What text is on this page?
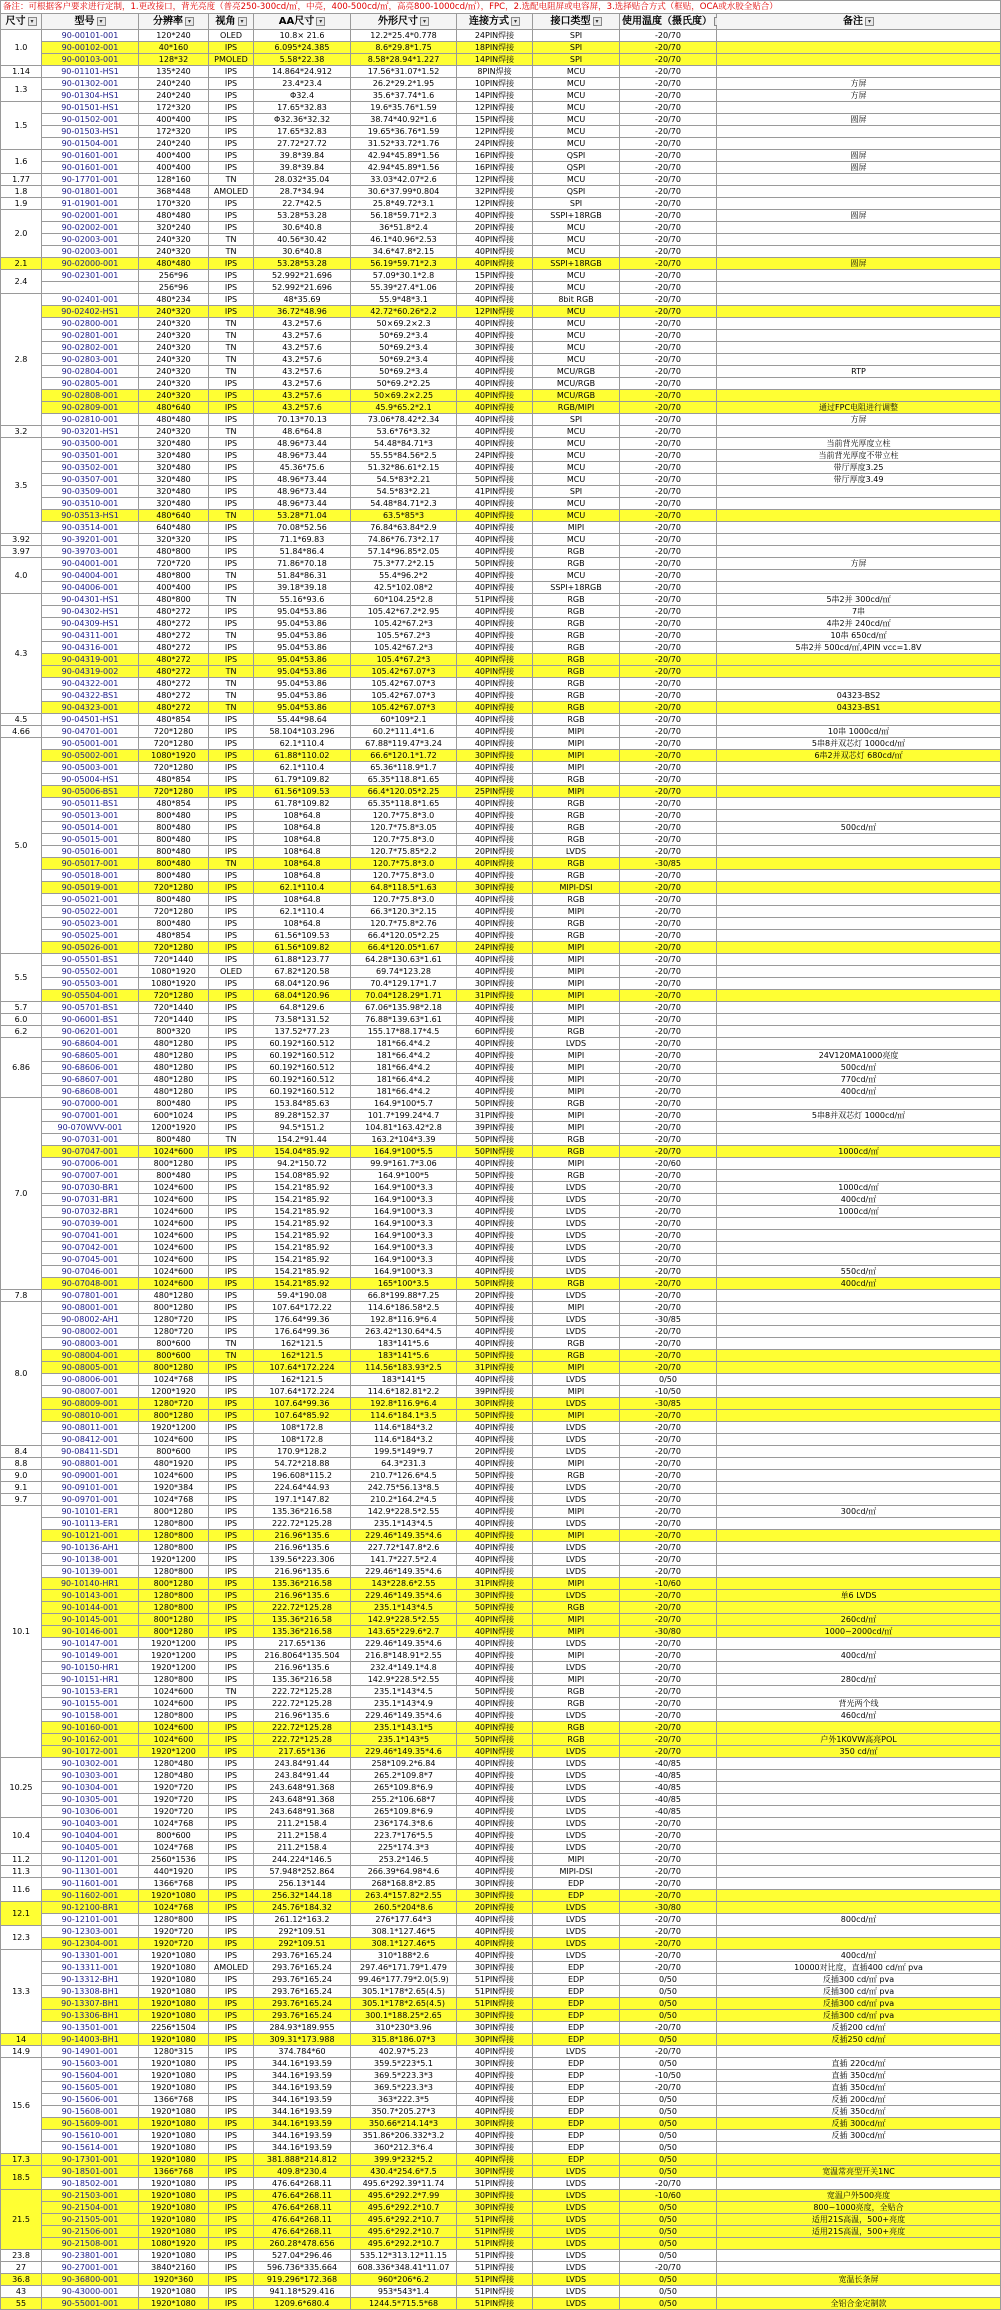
备注：可根据客户要求进行定制，1.更改接口，背光亮度（普亮250-300cd/㎡，中亮，400-500cd/㎡，高亮800-1000cd/㎡），FPC，2.选配电阻屏或电容屏，3.选择贴合方式（框贴，OCA或水胶全贴合）									
尺寸 ▾	型号 ▾	分辨率 ▾	视角 ▾	AA尺寸 ▾	外形尺寸 ▾	连接方式 ▾	接口类型 ▾	使用温度（摄氏度）	备注 ▾
1.0	90-00101-001	120*240	OLED	10.8× 21.6	12.2*25.4*0.778	24PIN焊接	SPI	-20/70	
	90-00102-001	40*160	IPS	6.095*24.385	8.6*29.8*1.75	18PIN焊接	SPI	-20/70	
	90-00103-001	128*32	PMOLED	5.58*22.38	8.58*28.94*1.227	14PIN焊接	SPI	-20/70	
1.14	90-01101-HS1	135*240	IPS	14.864*24.912	17.56*31.07*1.52	8PIN焊接	MCU	-20/70	
1.3	90-01302-001	240*240	IPS	23.4*23.4	26.2*29.2*1.95	10PIN焊接	MCU	-20/70	方屏
	90-01304-HS1	240*240	IPS	Φ32.4	35.6*37.74*1.6	14PIN焊接	MCU	-20/70	方屏
1.5	90-01501-HS1	172*320	IPS	17.65*32.83	19.6*35.76*1.59	12PIN焊接	MCU	-20/70	
	90-01502-001	400*400	IPS	Φ32.36*32.32	38.74*40.92*1.6	15PIN焊接	MCU	-20/70	圆屏
	90-01503-HS1	172*320	IPS	17.65*32.83	19.65*36.76*1.59	12PIN焊接	MCU	-20/70	
	90-01504-001	240*240	IPS	27.72*27.72	31.52*33.72*1.76	24PIN焊接	MCU	-20/70	
1.6	90-01601-001	400*400	IPS	39.8*39.84	42.94*45.89*1.56	16PIN焊接	QSPI	-20/70	圆屏
	90-01601-001	400*400	IPS	39.8*39.84	42.94*45.89*1.56	16PIN焊接	QSPI	-20/70	圆屏
1.77	90-17701-001	128*160	TN	28.032*35.04	33.03*42.07*2.6	12PIN焊接	MCU	-20/70	
1.8	90-01801-001	368*448	AMOLED	28.7*34.94	30.6*37.99*0.804	32PIN焊接	QSPI	-20/70	
1.9	91-01901-001	170*320	IPS	22.7*42.5	25.8*49.72*3.1	12PIN焊接	SPI	-20/70	
2.0	90-02001-001	480*480	IPS	53.28*53.28	56.18*59.71*2.3	40PIN焊接	SSPI+18RGB	-20/70	圆屏
	90-02002-001	320*240	IPS	30.6*40.8	36*51.8*2.4	20PIN焊接	MCU	-20/70	
	90-02003-001	240*320	TN	40.56*30.42	46.1*40.96*2.53	40PIN焊接	MCU	-20/70	
	90-02003-001	240*320	TN	30.6*40.8	34.6*47.8*2.15	40PIN焊接	MCU	-20/70	
2.1	90-02000-001	480*480	IPS	53.28*53.28	56.19*59.71*2.3	40PIN焊接	SSPI+18RGB	-20/70	圆屏
2.4	90-02301-001	256*96	IPS	52.992*21.696	57.09*30.1*2.8	15PIN焊接	MCU	-20/70	
		256*96	IPS	52.992*21.696	55.39*27.4*1.06	20PIN焊接	MCU	-20/70	
2.8	90-02401-001	480*234	IPS	48*35.69	55.9*48*3.1	40PIN焊接	8bit RGB	-20/70	
	90-02402-HS1	240*320	IPS	36.72*48.96	42.72*60.26*2.2	12PIN焊接	MCU	-20/70	
	90-02800-001	240*320	TN	43.2*57.6	50×69.2×2.3	40PIN焊接	MCU	-20/70	
	90-02801-001	240*320	TN	43.2*57.6	50*69.2*3.4	40PIN焊接	MCU	-20/70	
	90-02802-001	240*320	TN	43.2*57.6	50*69.2*3.4	30PIN焊接	MCU	-20/70	
	90-02803-001	240*320	TN	43.2*57.6	50*69.2*3.4	40PIN焊接	MCU	-20/70	
	90-02804-001	240*320	TN	43.2*57.6	50*69.2*3.4	40PIN焊接	MCU/RGB	-20/70	RTP
	90-02805-001	240*320	IPS	43.2*57.6	50*69.2*2.25	40PIN焊接	MCU/RGB	-20/70	
	90-02808-001	240*320	IPS	43.2*57.6	50×69.2×2.25	40PIN焊接	MCU/RGB	-20/70	
	90-02809-001	480*640	IPS	43.2*57.6	45.9*65.2*2.1	40PIN焊接	RGB/MIPI	-20/70	通过FPC电阻进行调整
	90-02810-001	480*480	IPS	70.13*70.13	73.06*78.42*2.34	40PIN焊接	SPI	-20/70	方屏
3.2	90-03201-HS1	240*320	TN	48.6*64.8	53.6*76*3.32	40PIN焊接	MCU	-20/70	
3.5	90-03500-001	320*480	IPS	48.96*73.44	54.48*84.71*3	40PIN焊接	MCU	-20/70	当前背光厚度立柱
	90-03501-001	320*480	IPS	48.96*73.44	55.55*84.56*2.5	24PIN焊接	MCU	-20/70	当前背光厚度不带立柱
	90-03502-001	320*480	IPS	45.36*75.6	51.32*86.61*2.15	40PIN焊接	MCU	-20/70	带厅厚度3.25
	90-03507-001	320*480	IPS	48.96*73.44	54.5*83*2.21	50PIN焊接	MCU	-20/70	带厅厚度3.49
	90-03509-001	320*480	IPS	48.96*73.44	54.5*83*2.21	41PIN焊接	SPI	-20/70	
	90-03510-001	320*480	IPS	48.96*73.44	54.48*84.71*2.3	40PIN焊接	MCU	-20/70	
	90-03513-HS1	480*640	TN	53.28*71.04	63.5*85*3	40PIN焊接	MCU	-20/70	
	90-03514-001	640*480	IPS	70.08*52.56	76.84*63.84*2.9	40PIN焊接	MIPI	-20/70	
3.92	90-39201-001	320*320	IPS	71.1*69.83	74.86*76.73*2.17	40PIN焊接	MCU	-20/70	
3.97	90-39703-001	480*800	IPS	51.84*86.4	57.14*96.85*2.05	40PIN焊接	RGB	-20/70	
4.0	90-04001-001	720*720	IPS	71.86*70.18	75.3*77.2*2.15	50PIN焊接	RGB	-20/70	方屏
	90-04004-001	480*800	TN	51.84*86.31	55.4*96.2*2	40PIN焊接	MCU	-20/70	
	90-04006-001	400*400	IPS	39.18*39.18	42.5*102.08*2	40PIN焊接	SSPI+18RGB	-20/70	
4.3	90-04301-HS1	480*800	TN	55.16*93.6	60*104.25*2.8	51PIN焊接	RGB	-20/70	5串2并 300cd/㎡
	90-04302-HS1	480*272	IPS	95.04*53.86	105.42*67.2*2.95	40PIN焊接	RGB	-20/70	7串
	90-04309-HS1	480*272	IPS	95.04*53.86	105.42*67.2*3	40PIN焊接	RGB	-20/70	4串2并 240cd/㎡
	90-04311-001	480*272	TN	95.04*53.86	105.5*67.2*3	40PIN焊接	RGB	-20/70	10串 650cd/㎡
	90-04316-001	480*272	IPS	95.04*53.86	105.42*67.2*3	40PIN焊接	RGB	-20/70	5串2并 500cd/㎡,4PIN vcc=1.8V
	90-04319-001	480*272	IPS	95.04*53.86	105.4*67.2*3	40PIN焊接	RGB	-20/70	
	90-04319-002	480*272	TN	95.04*53.86	105.42*67.07*3	40PIN焊接	RGB	-20/70	
	90-04322-001	480*272	TN	95.04*53.86	105.42*67.07*3	40PIN焊接	RGB	-20/70	
	90-04322-BS1	480*272	TN	95.04*53.86	105.42*67.07*3	40PIN焊接	RGB	-20/70	04323-BS2
	90-04323-001	480*272	TN	95.04*53.86	105.42*67.07*3	40PIN焊接	RGB	-20/70	04323-BS1
4.5	90-04501-HS1	480*854	IPS	55.44*98.64	60*109*2.1	40PIN焊接	RGB	-20/70	
4.66	90-04701-001	720*1280	IPS	58.104*103.296	60.2*111.4*1.6	40PIN焊接	MIPI	-20/70	10串 1000cd/㎡
5.0	90-05001-001	720*1280	IPS	62.1*110.4	67.88*119.47*3.24	40PIN焊接	MIPI	-20/70	5串8并双芯灯 1000cd/㎡
	90-05002-001	1080*1920	IPS	61.88*110.02	66.6*120.1*1.72	30PIN焊接	MIPI	-20/70	6串2并双芯灯 680cd/㎡
	90-05003-001	720*1280	IPS	62.1*110.4	65.36*118.9*1.7	40PIN焊接	MIPI	-20/70	
	90-05004-HS1	480*854	IPS	61.79*109.82	65.35*118.8*1.65	40PIN焊接	RGB	-20/70	
	90-05006-BS1	720*1280	IPS	61.56*109.53	66.4*120.05*2.25	25PIN焊接	MIPI	-20/70	
	90-05011-BS1	480*854	IPS	61.78*109.82	65.35*118.8*1.65	40PIN焊接	RGB	-20/70	
	90-05013-001	800*480	IPS	108*64.8	120.7*75.8*3.0	40PIN焊接	RGB	-20/70	
	90-05014-001	800*480	IPS	108*64.8	120.7*75.8*3.05	40PIN焊接	RGB	-20/70	500cd/㎡
	90-05015-001	800*480	IPS	108*64.8	120.7*75.8*3.0	40PIN焊接	RGB	-20/70	
	90-05016-001	800*480	IPS	108*64.8	120.7*75.85*2.2	20PIN焊接	LVDS	-20/70	
	90-05017-001	800*480	TN	108*64.8	120.7*75.8*3.0	40PIN焊接	RGB	-30/85	
	90-05018-001	800*480	IPS	108*64.8	120.7*75.8*3.0	40PIN焊接	RGB	-20/70	
	90-05019-001	720*1280	IPS	62.1*110.4	64.8*118.5*1.63	30PIN焊接	MIPI-DSI	-20/70	
	90-05021-001	800*480	IPS	108*64.8	120.7*75.8*3.0	40PIN焊接	RGB	-20/70	
	90-05022-001	720*1280	IPS	62.1*110.4	66.3*120.3*2.15	40PIN焊接	MIPI	-20/70	
	90-05023-001	800*480	IPS	108*64.8	120.7*75.8*2.76	40PIN焊接	RGB	-20/70	
	90-05025-001	480*854	IPS	61.56*109.53	66.4*120.05*2.25	40PIN焊接	RGB	-20/70	
	90-05026-001	720*1280	IPS	61.56*109.82	66.4*120.05*1.67	24PIN焊接	MIPI	-20/70	
5.5	90-05501-BS1	720*1440	IPS	61.88*123.77	64.28*130.63*1.61	40PIN焊接	MIPI	-20/70	
	90-05502-001	1080*1920	OLED	67.82*120.58	69.74*123.28	40PIN焊接	MIPI	-20/70	
	90-05503-001	1080*1920	IPS	68.04*120.96	70.4*129.17*1.7	30PIN焊接	MIPI	-20/70	
	90-05504-001	720*1280	IPS	68.04*120.96	70.04*128.29*1.71	31PIN焊接	MIPI	-20/70	
5.7	90-05701-BS1	720*1440	IPS	64.8*129.6	67.06*135.98*2.18	40PIN焊接	MIPI	-20/70	
6.0	90-06001-BS1	720*1440	IPS	73.58*131.52	76.88*139.63*1.61	40PIN焊接	MIPI	-20/70	
6.2	90-06201-001	800*320	IPS	137.52*77.23	155.17*88.17*4.5	60PIN焊接	RGB	-20/70	
6.86	90-68604-001	480*1280	IPS	60.192*160.512	181*66.4*4.2	40PIN焊接	LVDS	-20/70	
	90-68605-001	480*1280	IPS	60.192*160.512	181*66.4*4.2	40PIN焊接	MIPI	-20/70	24V120MA1000亮度
	90-68606-001	480*1280	IPS	60.192*160.512	181*66.4*4.2	40PIN焊接	MIPI	-20/70	500cd/㎡
	90-68607-001	480*1280	IPS	60.192*160.512	181*66.4*4.2	40PIN焊接	MIPI	-20/70	770cd/㎡
	90-68608-001	480*1280	IPS	60.192*160.512	181*66.4*4.2	40PIN焊接	MIPI	-20/70	400cd/㎡
7.0	90-07000-001	800*480	IPS	153.84*85.63	164.9*100*5.7	50PIN焊接	RGB	-20/70	
	90-07001-001	600*1024	IPS	89.28*152.37	101.7*199.24*4.7	31PIN焊接	MIPI	-20/70	5串8并双芯灯 1000cd/㎡
	90-070WVV-001	1200*1920	IPS	94.5*151.2	104.81*163.42*2.8	39PIN焊接	MIPI	-20/70	
	90-07031-001	800*480	TN	154.2*91.44	163.2*104*3.39	50PIN焊接	RGB	-20/70	
	90-07047-001	1024*600	IPS	154.04*85.92	164.9*100*5.5	50PIN焊接	RGB	-20/70	1000cd/㎡
	90-07006-001	800*1280	IPS	94.2*150.72	99.9*161.7*3.06	40PIN焊接	MIPI	-20/60	
	90-07007-001	800*480	IPS	154.08*85.92	164.9*100*5	50PIN焊接	RGB	-20/70	
	90-07030-BR1	1024*600	IPS	154.21*85.92	164.9*100*3.3	40PIN焊接	LVDS	-20/70	1000cd/㎡
	90-07031-BR1	1024*600	IPS	154.21*85.92	164.9*100*3.3	40PIN焊接	LVDS	-20/70	400cd/㎡
	90-07032-BR1	1024*600	IPS	154.21*85.92	164.9*100*3.3	40PIN焊接	LVDS	-20/70	1000cd/㎡
	90-07039-001	1024*600	IPS	154.21*85.92	164.9*100*3.3	40PIN焊接	LVDS	-20/70	
	90-07041-001	1024*600	IPS	154.21*85.92	164.9*100*3.3	40PIN焊接	LVDS	-20/70	
	90-07042-001	1024*600	IPS	154.21*85.92	164.9*100*3.3	40PIN焊接	LVDS	-20/70	
	90-07045-001	1024*600	IPS	154.21*85.92	164.9*100*3.3	40PIN焊接	LVDS	-20/70	
	90-07046-001	1024*600	IPS	154.21*85.92	164.9*100*3.3	40PIN焊接	LVDS	-20/70	550cd/㎡
	90-07048-001	1024*600	IPS	154.21*85.92	165*100*3.5	50PIN焊接	RGB	-20/70	400cd/㎡
7.8	90-07801-001	480*1280	IPS	59.4*190.08	66.8*199.88*7.25	20PIN焊接	LVDS	-20/70	
8.0	90-08001-001	800*1280	IPS	107.64*172.22	114.6*186.58*2.5	40PIN焊接	MIPI	-20/70	
	90-08002-AH1	1280*720	IPS	176.64*99.36	192.8*116.9*6.4	50PIN焊接	LVDS	-30/85	
	90-08002-001	1280*720	IPS	176.64*99.36	263.42*130.64*4.5	40PIN焊接	LVDS	-20/70	
	90-08003-001	800*600	TN	162*121.5	183*141*5.6	40PIN焊接	RGB	-20/70	
	90-08004-001	800*600	TN	162*121.5	183*141*5.6	50PIN焊接	RGB	-20/70	
	90-08005-001	800*1280	IPS	107.64*172.224	114.56*183.93*2.5	31PIN焊接	MIPI	-20/70	
	90-08006-001	1024*768	IPS	162*121.5	183*141*5	40PIN焊接	LVDS	0/50	
	90-08007-001	1200*1920	IPS	107.64*172.224	114.6*182.81*2.2	39PIN焊接	MIPI	-10/50	
	90-08009-001	1280*720	IPS	107.64*99.36	192.8*116.9*6.4	30PIN焊接	LVDS	-30/85	
	90-08010-001	800*1280	IPS	107.64*85.92	114.6*184.1*3.5	50PIN焊接	MIPI	-20/70	
	90-08011-001	1920*1200	IPS	108*172.8	114.6*184*3.2	40PIN焊接	LVDS	-20/70	
	90-08412-001	1024*600	IPS	108*172.8	114.6*184*3.2	40PIN焊接	LVDS	-20/70	
8.4	90-08411-SD1	800*600	IPS	170.9*128.2	199.5*149*9.7	20PIN焊接	LVDS	-20/70	
8.8	90-08801-001	480*1920	IPS	54.72*218.88	64.3*231.3	40PIN焊接	MIPI	-20/70	
9.0	90-09001-001	1024*600	IPS	196.608*115.2	210.7*126.6*4.5	50PIN焊接	RGB	-20/70	
9.1	90-09101-001	1920*384	IPS	224.64*44.93	242.75*56.13*8.5	40PIN焊接	LVDS	-20/70	
9.7	90-09701-001	1024*768	IPS	197.1*147.82	210.2*164.2*4.5	40PIN焊接	LVDS	-20/70	
10.1	90-10101-ER1	800*1280	IPS	135.36*216.58	142.9*228.5*2.55	40PIN焊接	MIPI	-20/70	300cd/㎡
	90-10113-ER1	1280*800	IPS	222.72*125.28	235.1*143*4.5	40PIN焊接	LVDS	-20/70	
	90-10121-001	1280*800	IPS	216.96*135.6	229.46*149.35*4.6	40PIN焊接	MIPI	-20/70	
	90-10136-AH1	1280*800	IPS	216.96*135.6	227.72*147.8*2.6	40PIN焊接	LVDS	-20/70	
	90-10138-001	1920*1200	IPS	139.56*223.306	141.7*227.5*2.4	40PIN焊接	LVDS	-20/70	
	90-10139-001	1280*800	IPS	216.96*135.6	229.46*149.35*4.6	40PIN焊接	LVDS	-20/70	
	90-10140-HR1	800*1280	IPS	135.36*216.58	143*228.6*2.55	31PIN焊接	MIPI	-10/60	
	90-10143-001	1280*800	IPS	216.96*135.6	229.46*149.35*4.6	30PIN焊接	LVDS	-20/70	单6 LVDS
	90-10144-001	1280*800	IPS	222.72*125.28	235.1*143*4.5	50PIN焊接	RGB	-20/70	
	90-10145-001	800*1280	IPS	135.36*216.58	142.9*228.5*2.55	40PIN焊接	MIPI	-20/70	260cd/㎡
	90-10146-001	800*1280	IPS	135.36*216.58	143.65*229.6*2.7	40PIN焊接	MIPI	-30/80	1000~2000cd/㎡
	90-10147-001	1920*1200	IPS	217.65*136	229.46*149.35*4.6	40PIN焊接	LVDS	-20/70	
	90-10149-001	1920*1200	IPS	216.8064*135.504	216.8*148.91*2.55	40PIN焊接	MIPI	-20/70	400cd/㎡
	90-10150-HR1	1920*1200	IPS	216.96*135.6	232.4*149.1*4.8	40PIN焊接	LVDS	-20/70	
	90-10151-HR1	1280*800	IPS	135.36*216.58	142.9*228.5*2.55	40PIN焊接	MIPI	-20/70	280cd/㎡
	90-10153-ER1	1024*600	TN	222.72*125.28	235.1*143*4.5	50PIN焊接	RGB	-20/70	
	90-10155-001	1024*600	IPS	222.72*125.28	235.1*143*4.9	40PIN焊接	RGB	-20/70	背光两个线
	90-10158-001	1280*800	IPS	216.96*135.6	229.46*149.35*4.6	40PIN焊接	LVDS	-20/70	460cd/㎡
	90-10160-001	1024*600	IPS	222.72*125.28	235.1*143.1*5	40PIN焊接	RGB	-20/70	
	90-10162-001	1024*600	IPS	222.72*125.28	235.1*143*5	50PIN焊接	RGB	-20/70	户外1K0VW高亮POL
	90-10172-001	1920*1200	IPS	217.65*136	229.46*149.35*4.6	40PIN焊接	LVDS	-20/70	350 cd/㎡
10.25	90-10302-001	1280*480	IPS	243.84*91.44	258*109.2*6.84	40PIN焊接	LVDS	-40/85	
	90-10303-001	1280*480	IPS	243.84*91.44	265.2*109.8*7	40PIN焊接	LVDS	-40/85	
	90-10304-001	1920*720	IPS	243.648*91.368	265*109.8*6.9	40PIN焊接	LVDS	-40/85	
	90-10305-001	1920*720	IPS	243.648*91.368	255.2*106.68*7	40PIN焊接	LVDS	-40/85	
	90-10306-001	1920*720	IPS	243.648*91.368	265*109.8*6.9	40PIN焊接	LVDS	-40/85	
10.4	90-10403-001	1024*768	IPS	211.2*158.4	236*174.3*8.6	40PIN焊接	LVDS	-20/70	
	90-10404-001	800*600	IPS	211.2*158.4	223.7*176*5.5	40PIN焊接	LVDS	-20/70	
	90-10405-001	1024*768	IPS	211.2*158.4	225*174.3*3	40PIN焊接	LVDS	-20/70	
11.2	90-11201-001	2560*1536	IPS	244.224*146.5	253.2*146.5	40PIN焊接	MIPI	-20/70	
11.3	90-11301-001	440*1920	IPS	57.948*252.864	266.39*64.98*4.6	40PIN焊接	MIPI-DSI	-20/70	
11.6	90-11601-001	1366*768	IPS	256.13*144	268*168.8*2.85	30PIN焊接	EDP	-20/70	
	90-11602-001	1920*1080	IPS	256.32*144.18	263.4*157.82*2.55	30PIN焊接	EDP	-20/70	
12.1	90-12100-BR1	1024*768	IPS	245.76*184.32	260.5*204*8.6	20PIN焊接	LVDS	-30/80	
	90-12101-001	1280*800	IPS	261.12*163.2	276*177.64*3	40PIN焊接	LVDS	-20/70	800cd/㎡
12.3	90-12303-001	1920*720	IPS	292*109.51	308.1*127.46*5	40PIN焊接	LVDS	-20/70	
	90-12304-001	1920*720	IPS	292*109.51	308.1*127.46*5	40PIN焊接	LVDS	-20/70	
13.3	90-13301-001	1920*1080	IPS	293.76*165.24	310*188*2.6	40PIN焊接	LVDS	-20/70	400cd/㎡
	90-13311-001	1920*1080	AMOLED	293.76*165.24	297.46*171.79*1.479	30PIN焊接	EDP	-20/70	10000对比度，直插400 cd/㎡ pva
	90-13312-BH1	1920*1080	IPS	293.76*165.24	99.46*177.79*2.0(5.9)	51PIN焊接	EDP	0/50	反插300 cd/㎡ pva
	90-13308-BH1	1920*1080	IPS	293.76*165.24	305.1*178*2.65(4.5)	51PIN焊接	EDP	0/50	反插300 cd/㎡ pva
	90-13307-BH1	1920*1080	IPS	293.76*165.24	305.1*178*2.65(4.5)	51PIN焊接	EDP	0/50	反插300 cd/㎡ pva
	90-13306-BH1	1920*1080	IPS	293.76*165.24	300.1*188.25*2.65	30PIN焊接	EDP	0/50	反插300 cd/㎡ pva
	90-13501-001	2256*1504	IPS	284.93*189.955	310*230*3.96	30PIN焊接	EDP	-20/70	反插200 cd/㎡
14	90-14003-BH1	1920*1080	IPS	309.31*173.988	315.8*186.07*3	30PIN焊接	EDP	0/50	反插250 cd/㎡
14.9	90-14901-001	1280*315	IPS	374.784*60	402.97*5.23	40PIN焊接	LVDS	-20/70	
15.6	90-15603-001	1920*1080	IPS	344.16*193.59	359.5*223*5.1	30PIN焊接	EDP	0/50	直插 220cd/㎡
	90-15604-001	1920*1080	IPS	344.16*193.59	369.5*223.3*3	40PIN焊接	EDP	-10/50	直插 350cd/㎡
	90-15605-001	1920*1080	IPS	344.16*193.59	369.5*223.3*3	40PIN焊接	EDP	-20/70	直插 350cd/㎡
	90-15606-001	1366*768	IPS	344.16*193.59	363*222.3*5	40PIN焊接	EDP	0/50	反插 200cd/㎡
	90-15608-001	1920*1080	IPS	344.16*193.59	350.7*205.27*3	40PIN焊接	EDP	0/50	反插 350cd/㎡
	90-15609-001	1920*1080	IPS	344.16*193.59	350.66*214.14*3	30PIN焊接	EDP	0/50	反插 300cd/㎡
	90-15610-001	1920*1080	IPS	344.16*193.59	351.86*206.332*3.2	40PIN焊接	EDP	0/50	反插 300cd/㎡
	90-15614-001	1920*1080	IPS	344.16*193.59	360*212.3*6.4	30PIN焊接	EDP	0/50	
17.3	90-17301-001	1920*1080	IPS	381.888*214.812	399.9*232*5.2	40PIN焊接	EDP	0/50	
18.5	90-18501-001	1366*768	IPS	409.8*230.4	430.4*254.6*7.5	30PIN焊接	LVDS	0/50	宽温常亮型开关1NC
	90-18502-001	1920*1080	IPS	476.64*268.11	495.6*292.39*11.74	51PIN焊接	LVDS	-20/70	
21.5	90-21503-001	1920*1080	IPS	476.64*268.11	495.6*292.2*7.99	30PIN焊接	LVDS	-10/60	宽温户外500亮度
	90-21504-001	1920*1080	IPS	476.64*268.11	495.6*292.2*10.7	30PIN焊接	LVDS	0/50	800~1000亮度，全贴合
	90-21505-001	1920*1080	IPS	476.64*268.11	495.6*292.2*10.7	51PIN焊接	LVDS	0/50	适用21S高温，500+亮度
	90-21506-001	1920*1080	IPS	476.64*268.11	495.6*292.2*10.7	51PIN焊接	LVDS	0/50	适用21S高温，500+亮度
	90-21508-001	1080*1920	IPS	260.28*478.656	495.6*292.2*10.7	51PIN焊接	LVDS	0/50	
23.8	90-23801-001	1920*1080	IPS	527.04*296.46	535.12*313.12*11.15	51PIN焊接	LVDS	0/50	
27	90-27001-001	3840*2160	IPS	596.736*335.664	608.336*348.41*11.07	51PIN焊接	LVDS	-20/70	
36.8	90-36800-001	1920*360	IPS	919.296*172.368	960*206*6.2	51PIN焊接	LVDS	0/50	宽温长条屏
43	90-43000-001	1920*1080	IPS	941.18*529.416	953*543*1.4	51PIN焊接	LVDS	0/50	
55	90-55001-001	1920*1080	IPS	1209.6*680.4	1244.5*715.5*68	51PIN焊接	LVDS	0/50	全铝合金定制款
